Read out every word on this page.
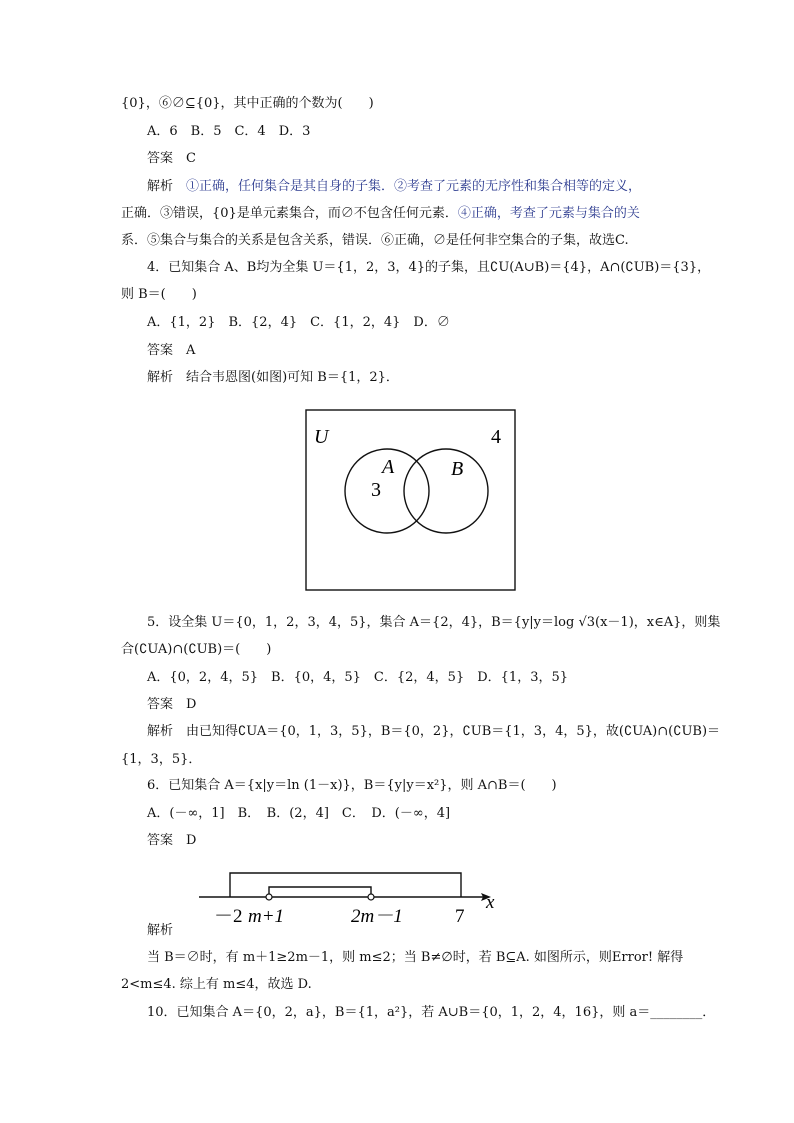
{0}，⑥∅⊆{0}，其中正确的个数为(　　)
A．6　B．5　C．4　D．3
答案　C
解析　①正确，任何集合是其自身的子集．②考查了元素的无序性和集合相等的定义，
正确．③错误，{0}是单元素集合，而∅不包含任何元素．④正确，考查了元素与集合的关
系．⑤集合与集合的关系是包含关系，错误．⑥正确，∅是任何非空集合的子集，故选C.
4．已知集合 A、B均为全集 U＝{1，2，3，4}的子集，且∁U(A∪B)＝{4}，A∩(∁UB)＝{3}，
则 B＝(　　)
A．{1，2}　B．{2，4}　C．{1，2，4}　D．∅
答案　A
解析　结合韦恩图(如图)可知 B＝{1，2}．
U	4
A	B
3
5．设全集 U＝{0，1，2，3，4，5}，集合 A＝{2，4}，B＝{y|y＝log √3(x－1)，x∈A}，则集
合(∁UA)∩(∁UB)＝(　　)
A．{0，2，4，5}　B．{0，4，5}　C．{2，4，5}　D．{1，3，5}
答案　D
解析　由已知得∁UA＝{0，1，3，5}，B＝{0，2}，∁UB＝{1，3，4，5}，故(∁UA)∩(∁UB)＝
{1，3，5}．
6．已知集合 A＝{x|y＝ln (1－x)}，B＝{y|y＝x²}，则 A∩B＝(　　)
A．(－∞，1]　B．　B．(2，4]　C．　D．(－∞，4]
答案　D
x
－2 m+1	2m－1	7
解析
当 B＝∅时，有 m＋1≥2m－1，则 m≤2；当 B≠∅时，若 B⊆A. 如图所示，则Error! 解得
2<m≤4. 综上有 m≤4，故选 D.
10．已知集合 A＝{0，2，a}，B＝{1，a²}，若 A∪B＝{0，1，2，4，16}，则 a＝________．
